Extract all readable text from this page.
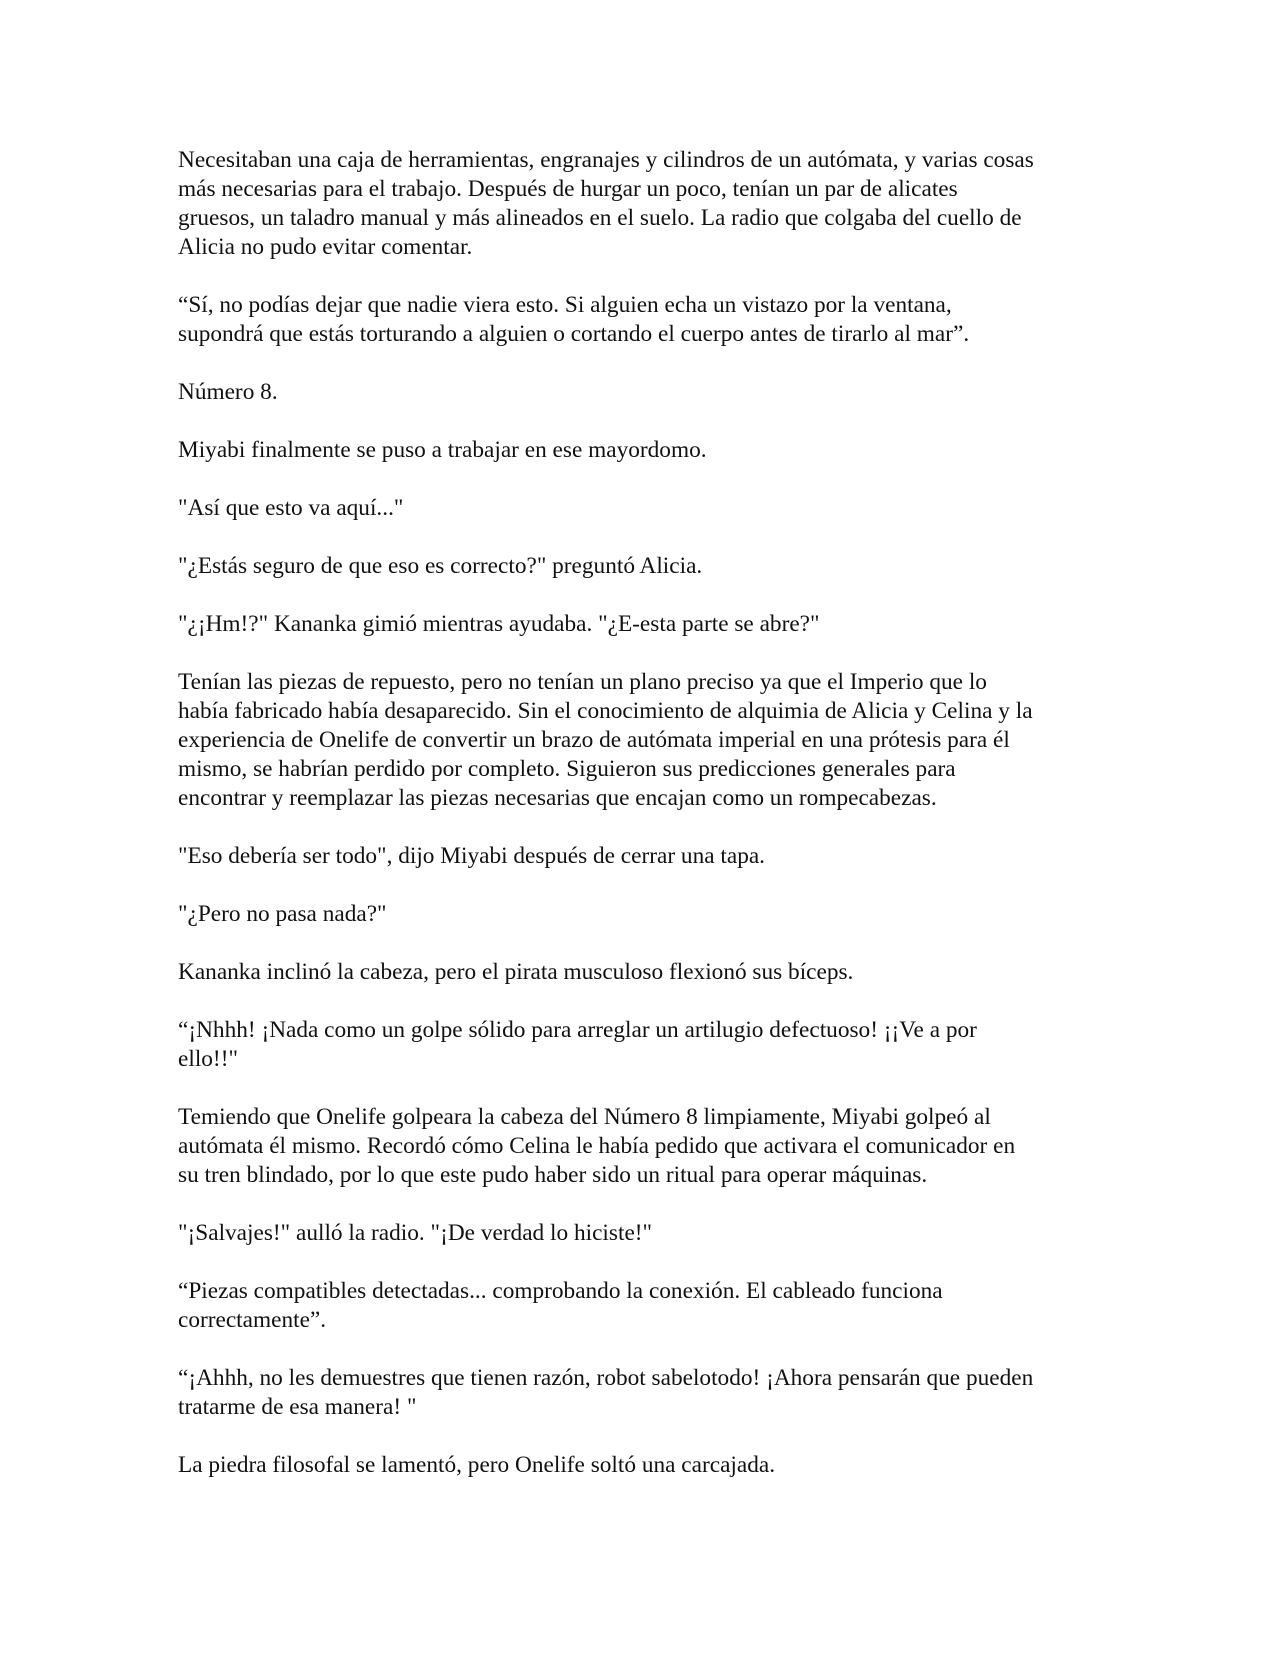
Necesitaban una caja de herramientas, engranajes y cilindros de un autómata, y varias cosas
más necesarias para el trabajo. Después de hurgar un poco, tenían un par de alicates
gruesos, un taladro manual y más alineados en el suelo. La radio que colgaba del cuello de
Alicia no pudo evitar comentar.

“Sí, no podías dejar que nadie viera esto. Si alguien echa un vistazo por la ventana,
supondrá que estás torturando a alguien o cortando el cuerpo antes de tirarlo al mar”.

Número 8.

Miyabi finalmente se puso a trabajar en ese mayordomo.

"Así que esto va aquí..."

"¿Estás seguro de que eso es correcto?" preguntó Alicia.

"¿¡Hm!?" Kananka gimió mientras ayudaba. "¿E-esta parte se abre?"

Tenían las piezas de repuesto, pero no tenían un plano preciso ya que el Imperio que lo
había fabricado había desaparecido. Sin el conocimiento de alquimia de Alicia y Celina y la
experiencia de Onelife de convertir un brazo de autómata imperial en una prótesis para él
mismo, se habrían perdido por completo. Siguieron sus predicciones generales para
encontrar y reemplazar las piezas necesarias que encajan como un rompecabezas.

"Eso debería ser todo", dijo Miyabi después de cerrar una tapa.

"¿Pero no pasa nada?"

Kananka inclinó la cabeza, pero el pirata musculoso flexionó sus bíceps.

“¡Nhhh! ¡Nada como un golpe sólido para arreglar un artilugio defectuoso! ¡¡Ve a por
ello!!"

Temiendo que Onelife golpeara la cabeza del Número 8 limpiamente, Miyabi golpeó al
autómata él mismo. Recordó cómo Celina le había pedido que activara el comunicador en
su tren blindado, por lo que este pudo haber sido un ritual para operar máquinas.

"¡Salvajes!" aulló la radio. "¡De verdad lo hiciste!"

“Piezas compatibles detectadas... comprobando la conexión. El cableado funciona
correctamente”.

“¡Ahhh, no les demuestres que tienen razón, robot sabelotodo! ¡Ahora pensarán que pueden
tratarme de esa manera! "

La piedra filosofal se lamentó, pero Onelife soltó una carcajada.
